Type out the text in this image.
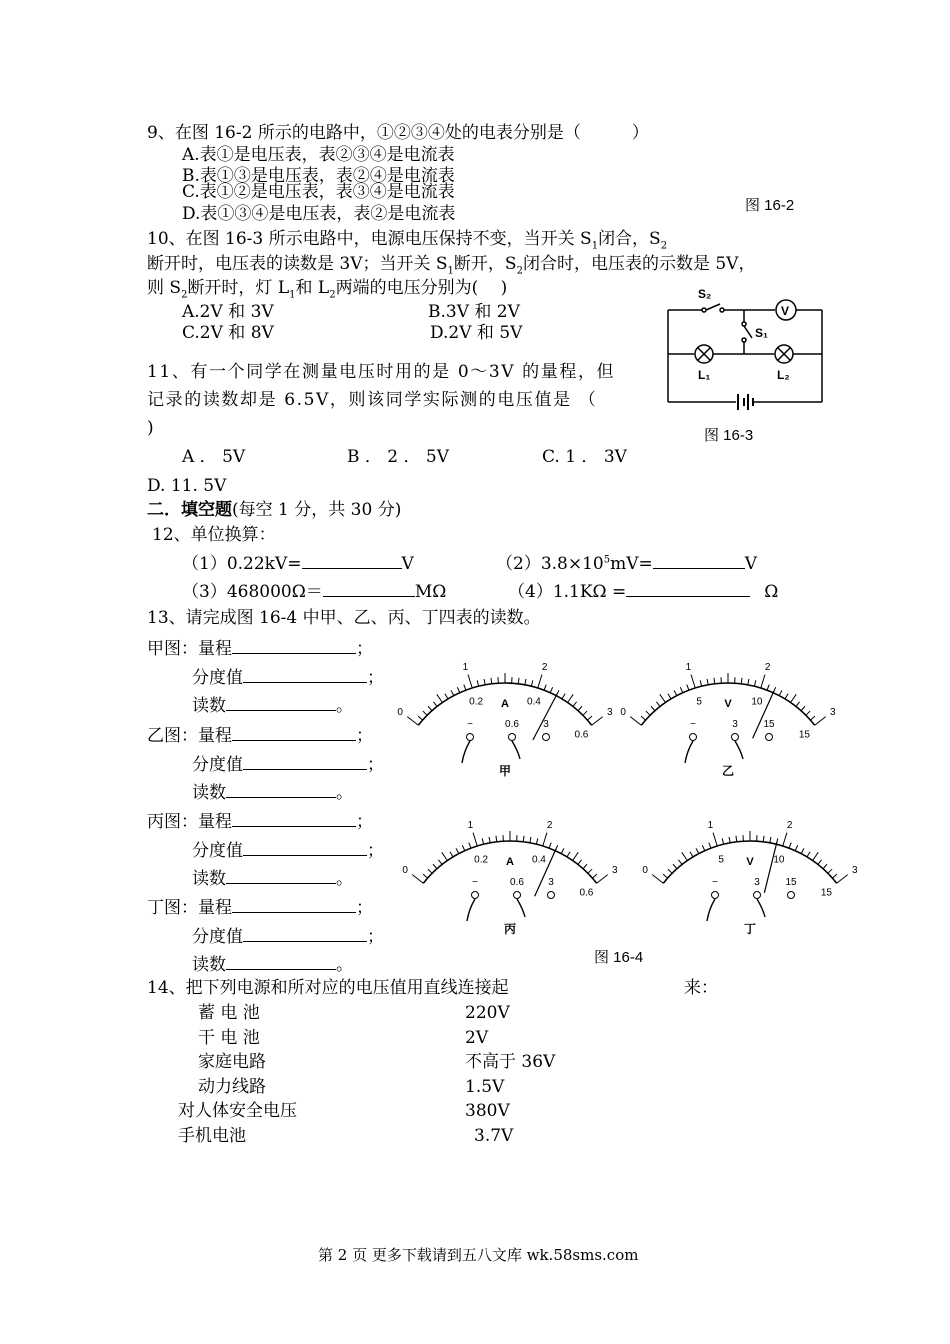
9、在图 16-2 所示的电路中，①②③④处的电表分别是（　　　）
A.表①是电压表，表②③④是电流表
B.表①③是电压表，表②④是电流表
C.表①②是电压表，表③④是电流表
D.表①③④是电压表，表②是电流表	图 16-2
10、在图 16-3 所示电路中，电源电压保持不变，当开关 $S_1$闭合，$S_2$
断开时，电压表的读数是 3V；当开关 $S_1$断开，$S_2$闭合时，电压表的示数是 5V，
则 $S_2$断开时，灯 $L_1$和 $L_2$两端的电压分别为(　 )
A.2V 和 3V	B.3V 和 2V
C.2V 和 8V	D.2V 和 5V
S₂
V
S₁
L₁	L₂
图 16-3
11、有一个同学在测量电压时用的是 0～3V 的量程，但
记录的读数却是 6.5V，则该同学实际测的电压值是 （
)
A ． 5V	B ． 2 ． 5V	C. 1 ． 3V
D. 11. 5V
二．填空题(每空 1 分，共 30 分)
12、单位换算：
（1）0.22kV=	V	$(2)3.8\times 10^5mV=$	V
（3）468000Ω＝	MΩ	（4）1.1KΩ =	Ω
13、请完成图 16-4 中甲、乙、丙、丁四表的读数。
甲图：量程	；
分度值	；
读数	。
乙图：量程	；
分度值	；
读数	。
丙图：量程	；
分度值	；
读数	。
丁图：量程	；
分度值	；
读数	。
0
1	2
3
0.2	0.4
0.6
A
−	0.6 3
甲
0
1	2
3
5	10
15
V
−	3	15
乙
0
1	2
3
0.2	0.4
0.6
A
−	0.6 3
丙
0
1	2
3
5	10
15
V
−	3	15
丁
图 16-4
14、把下列电源和所对应的电压值用直线连接起	来：
蓄 电 池	220V
干 电 池	2V
家庭电路	不高于 36V
动力线路	1.5V
对人体安全电压	380V
手机电池	3.7V
第 2 页 更多下载请到五八文库 wk.58sms.com
